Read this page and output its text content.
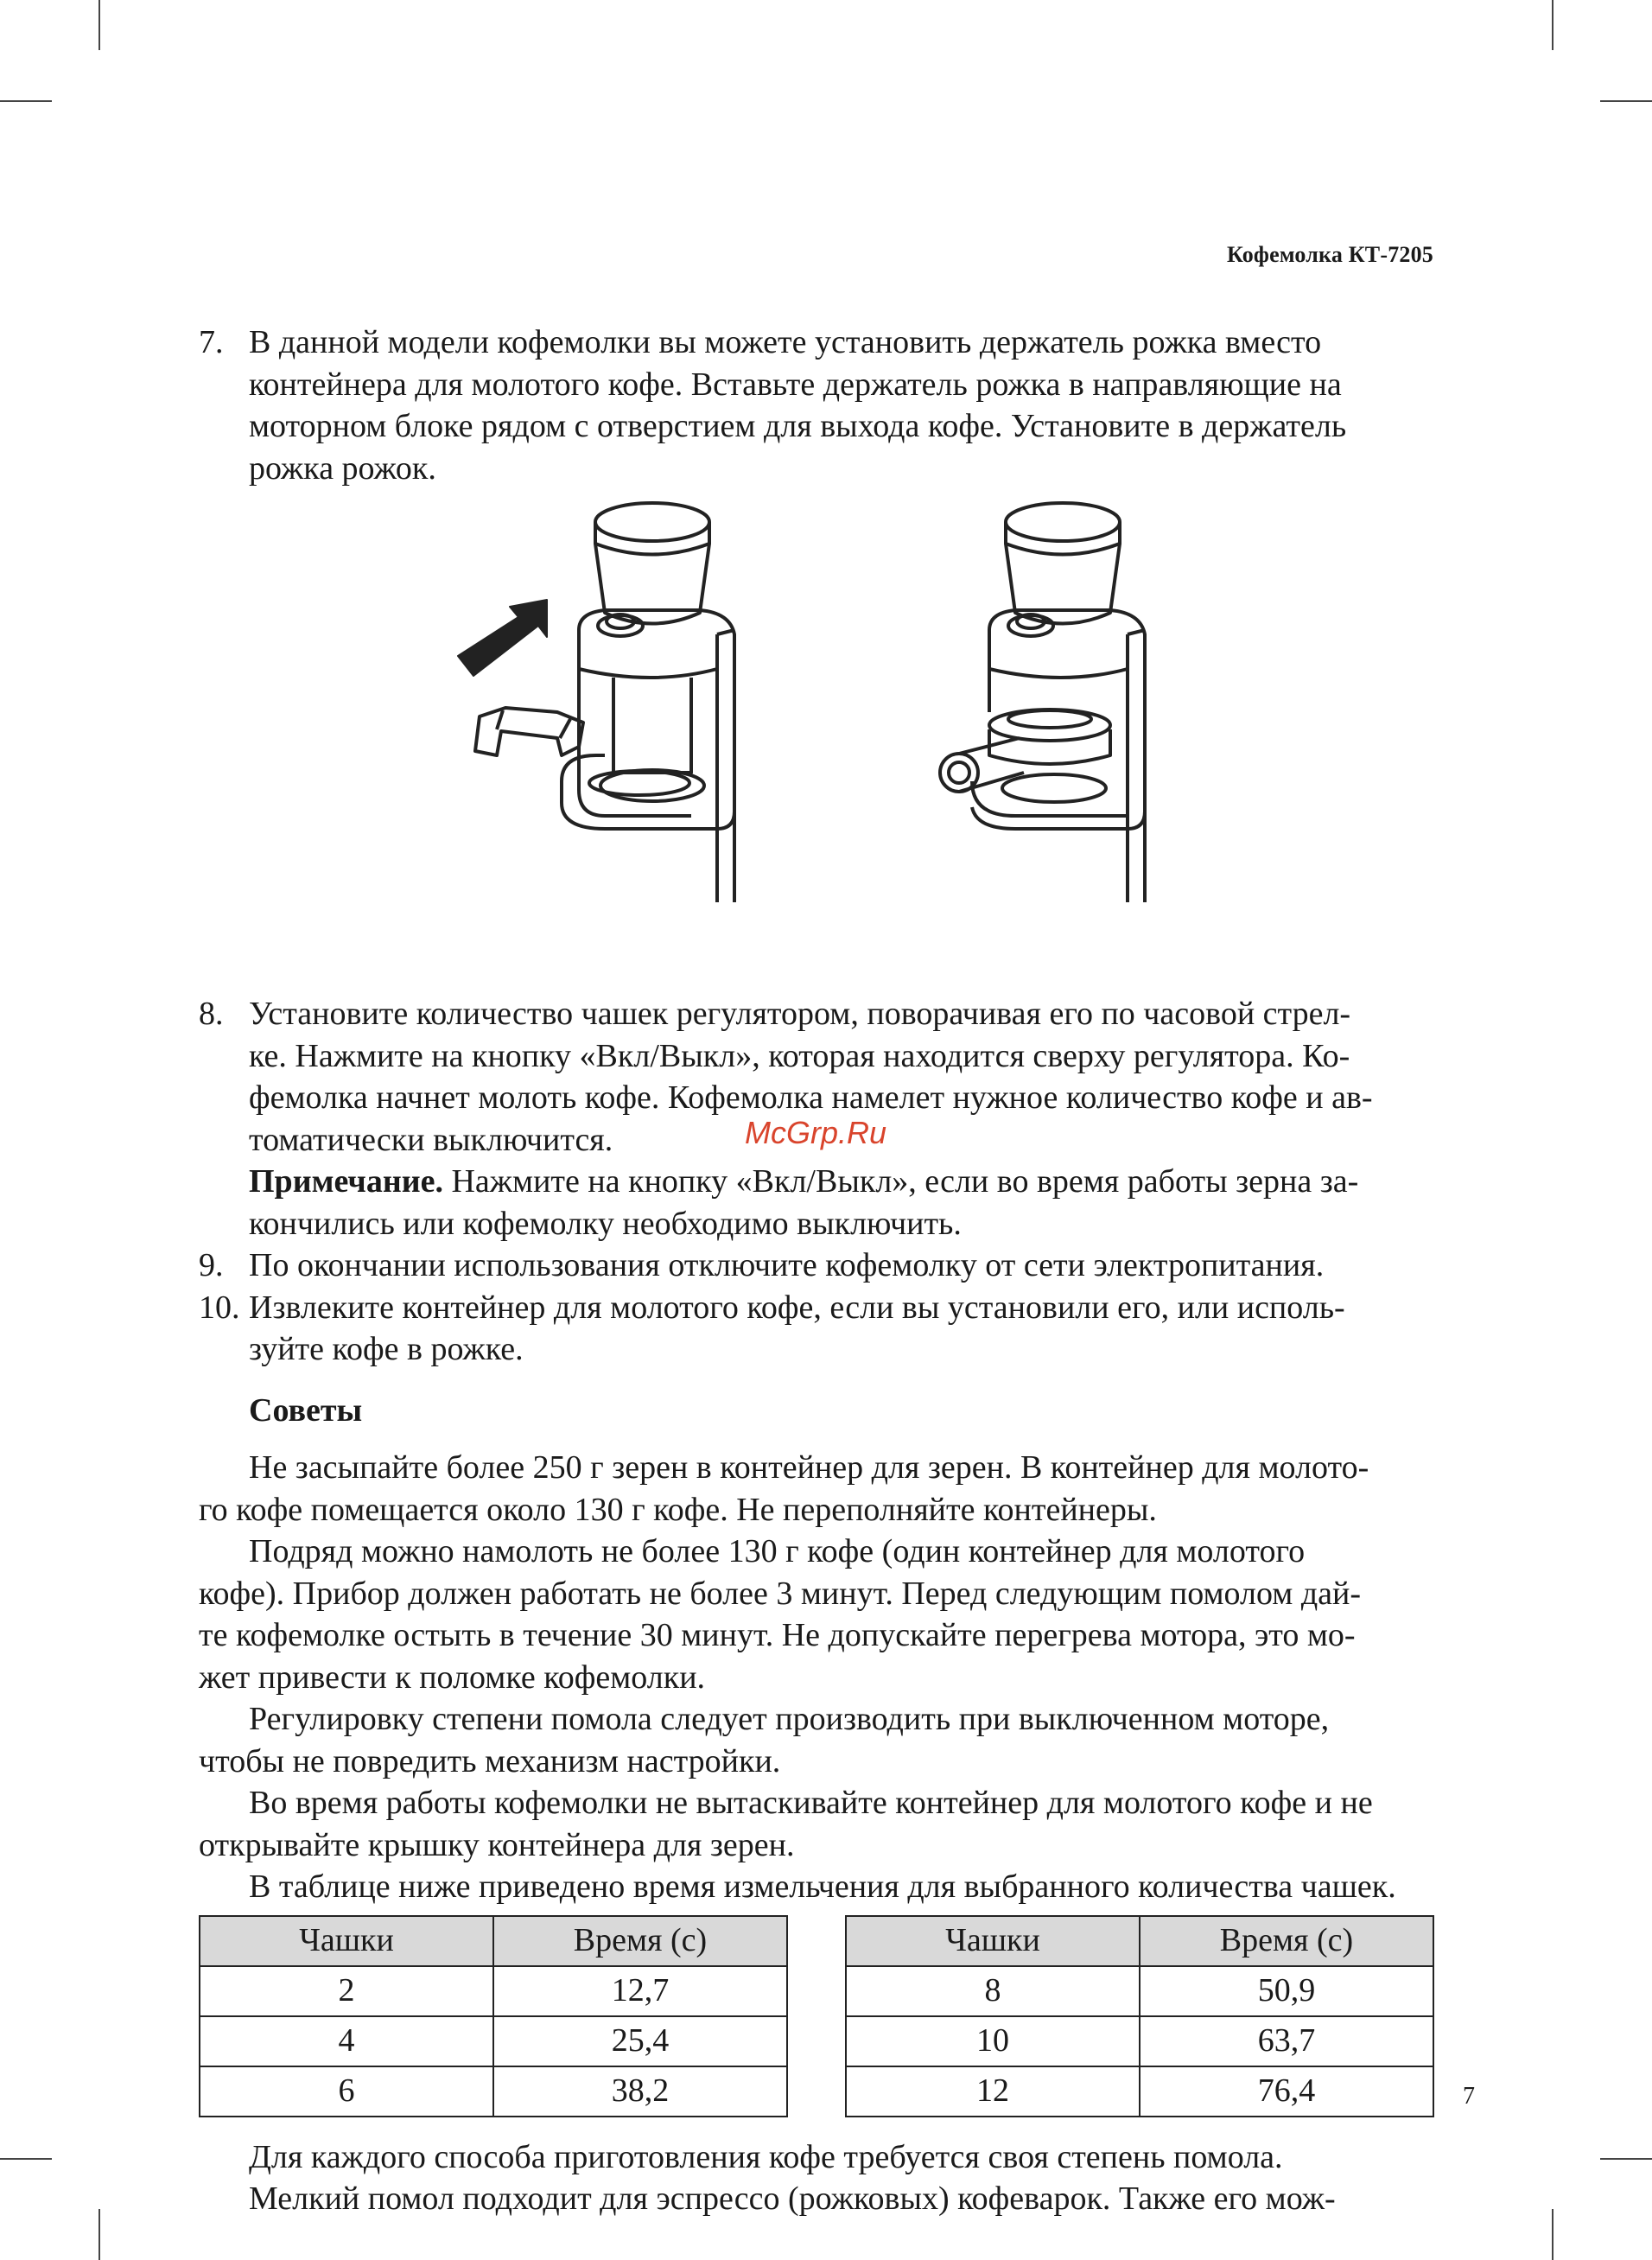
Кофемолка КТ-7205
7. В данной модели кофемолки вы можете установить держатель рожка вместо
контейнера для молотого кофе. Вставьте держатель рожка в направляющие на
моторном блоке рядом с отверстием для выхода кофе. Установите в держатель
рожка рожок.
8. Установите количество чашек регулятором, поворачивая его по часовой стрел-
ке. Нажмите на кнопку «Вкл/Выкл», которая находится сверху регулятора. Ко-
фемолка начнет молоть кофе. Кофемолка намелет нужное количество кофе и ав-
томатически выключится.
Примечание. Нажмите на кнопку «Вкл/Выкл», если во время работы зерна за-
кончились или кофемолку необходимо выключить.
9. По окончании использования отключите кофемолку от сети электропитания.
10. Извлеките контейнер для молотого кофе, если вы установили его, или исполь-
зуйте кофе в рожке.
Советы
Не засыпайте более 250 г зерен в контейнер для зерен. В контейнер для молото-
го кофе помещается около 130 г кофе. Не переполняйте контейнеры.
Подряд можно намолоть не более 130 г кофе (один контейнер для молотого
кофе). Прибор должен работать не более 3 минут. Перед следующим помолом дай-
те кофемолке остыть в течение 30 минут. Не допускайте перегрева мотора, это мо-
жет привести к поломке кофемолки.
Регулировку степени помола следует производить при выключенном моторе,
чтобы не повредить механизм настройки.
Во время работы кофемолки не вытаскивайте контейнер для молотого кофе и не
открывайте крышку контейнера для зерен.
В таблице ниже приведено время измельчения для выбранного количества чашек.
Чашки	Время (с)
2	12,7
4	25,4
6	38,2
Чашки	Время (с)
8	50,9
10	63,7
12	76,4
Для каждого способа приготовления кофе требуется своя степень помола.
Мелкий помол подходит для эспрессо (рожковых) кофеварок. Также его мож-
McGrp.Ru
7
